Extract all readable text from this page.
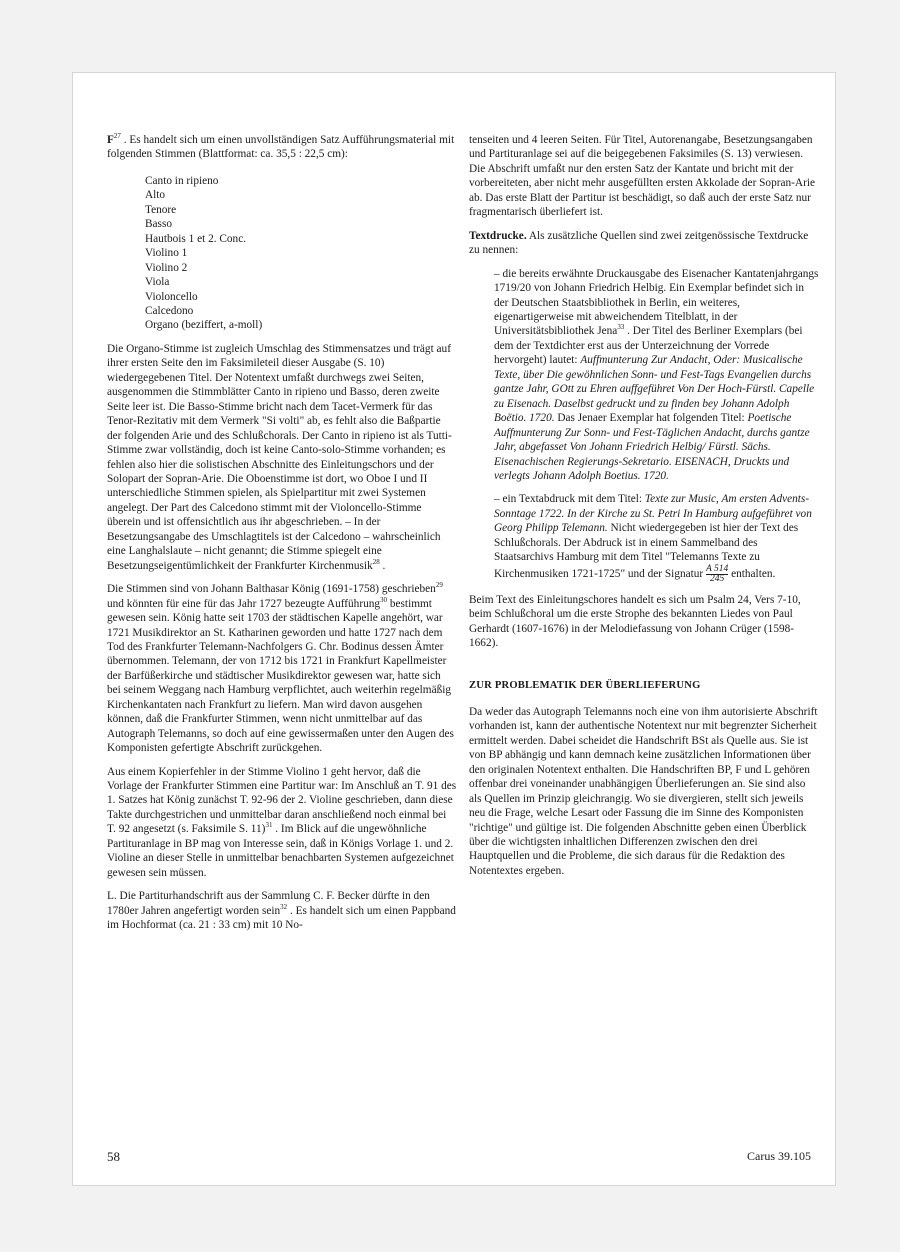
$F^{27}$ . Es handelt sich um einen unvollständigen Satz Aufführungsmaterial mit folgenden Stimmen (Blattformat: ca. 35,5 : 22,5 cm):

Canto in ripieno
Alto
Tenore
Basso
Hautbois 1 et 2. Conc.
Violino 1
Violino 2
Viola
Violoncello
Calcedono
Organo (beziffert, a-moll)

Die Organo-Stimme ist zugleich Umschlag des Stimmensatzes und trägt auf ihrer ersten Seite den im Faksimileteil dieser Ausgabe (S. 10) wiedergegebenen Titel. Der Notentext umfaßt durchwegs zwei Seiten, ausgenommen die Stimmblätter Canto in ripieno und Basso, deren zweite Seite leer ist. Die Basso-Stimme bricht nach dem Tacet-Vermerk für das Tenor-Rezitativ mit dem Vermerk "Si volti" ab, es fehlt also die Baßpartie der folgenden Arie und des Schlußchorals. Der Canto in ripieno ist als Tutti-Stimme zwar vollständig, doch ist keine Canto-solo-Stimme vorhanden; es fehlen also hier die solistischen Abschnitte des Einleitungschors und der Solopart der Sopran-Arie. Die Oboenstimme ist dort, wo Oboe I und II unterschiedliche Stimmen spielen, als Spielpartitur mit zwei Systemen angelegt. Der Part des Calcedono stimmt mit der Violoncello-Stimme überein und ist offensichtlich aus ihr abgeschrieben. – In der Besetzungsangabe des Umschlagtitels ist der Calcedono – wahrscheinlich eine Langhalslaute – nicht genannt; die Stimme spiegelt eine Besetzungseigentümlichkeit der Frankfurter Kirchenmusik$^{28}$ .

Die Stimmen sind von Johann Balthasar König (1691-1758) geschrieben$^{29}$ und könnten für eine für das Jahr 1727 bezeugte Aufführung$^{30}$ bestimmt gewesen sein. König hatte seit 1703 der städtischen Kapelle angehört, war 1721 Musikdirektor an St. Katharinen geworden und hatte 1727 nach dem Tod des Frankfurter Telemann-Nachfolgers G. Chr. Bodinus dessen Ämter übernommen. Telemann, der von 1712 bis 1721 in Frankfurt Kapellmeister der Barfüßerkirche und städtischer Musikdirektor gewesen war, hatte sich bei seinem Weggang nach Hamburg verpflichtet, auch weiterhin regelmäßig Kirchenkantaten nach Frankfurt zu liefern. Man wird davon ausgehen können, daß die Frankfurter Stimmen, wenn nicht unmittelbar auf das Autograph Telemanns, so doch auf eine gewissermaßen unter den Augen des Komponisten gefertigte Abschrift zurückgehen.

Aus einem Kopierfehler in der Stimme Violino 1 geht hervor, daß die Vorlage der Frankfurter Stimmen eine Partitur war: Im Anschluß an T. 91 des 1. Satzes hat König zunächst T. 92-96 der 2. Violine geschrieben, dann diese Takte durchgestrichen und unmittelbar daran anschließend noch einmal bei T. 92 angesetzt (s. Faksimile S. 11)$^{31}$ . Im Blick auf die ungewöhnliche Partituranlage in BP mag von Interesse sein, daß in Königs Vorlage 1. und 2. Violine an dieser Stelle in unmittelbar benachbarten Systemen aufgezeichnet gewesen sein müssen.

L. Die Partiturhandschrift aus der Sammlung C. F. Becker dürfte in den 1780er Jahren angefertigt worden sein$^{32}$ . Es handelt sich um einen Pappband im Hochformat (ca. 21 : 33 cm) mit 10 No-

tenseiten und 4 leeren Seiten. Für Titel, Autorenangabe, Besetzungsangaben und Partituranlage sei auf die beigegebenen Faksimiles (S. 13) verwiesen. Die Abschrift umfaßt nur den ersten Satz der Kantate und bricht mit der vorbereiteten, aber nicht mehr ausgefüllten ersten Akkolade der Sopran-Arie ab. Das erste Blatt der Partitur ist beschädigt, so daß auch der erste Satz nur fragmentarisch überliefert ist.

Textdrucke. Als zusätzliche Quellen sind zwei zeitgenössische Textdrucke zu nennen:

– die bereits erwähnte Druckausgabe des Eisenacher Kantatenjahrgangs 1719/20 von Johann Friedrich Helbig. Ein Exemplar befindet sich in der Deutschen Staatsbibliothek in Berlin, ein weiteres, eigenartigerweise mit abweichendem Titelblatt, in der Universitätsbibliothek Jena$^{33}$ . Der Titel des Berliner Exemplars (bei dem der Textdichter erst aus der Unterzeichnung der Vorrede hervorgeht) lautet: Auffmunterung Zur Andacht, Oder: Musicalische Texte, über Die gewöhnlichen Sonn- und Fest-Tags Evangelien durchs gantze Jahr, GOtt zu Ehren auffgeführet Von Der Hoch-Fürstl. Capelle zu Eisenach. Daselbst gedruckt und zu finden bey Johann Adolph Boëtio. 1720. Das Jenaer Exemplar hat folgenden Titel: Poetische Auffmunterung Zur Sonn- und Fest-Täglichen Andacht, durchs gantze Jahr, abgefasset Von Johann Friedrich Helbig/ Fürstl. Sächs. Eisenachischen Regierungs-Sekretario. EISENACH, Druckts und verlegts Johann Adolph Boetius. 1720.

– ein Textabdruck mit dem Titel: Texte zur Music, Am ersten Advents-Sonntage 1722. In der Kirche zu St. Petri In Hamburg aufgeführet von Georg Philipp Telemann. Nicht wiedergegeben ist hier der Text des Schlußchorals. Der Abdruck ist in einem Sammelband des Staatsarchivs Hamburg mit dem Titel "Telemanns Texte zu Kirchenmusiken 1721-1725" und der Signatur $\frac{A 514}{245}$ enthalten.

Beim Text des Einleitungschores handelt es sich um Psalm 24, Vers 7-10, beim Schlußchoral um die erste Strophe des bekannten Liedes von Paul Gerhardt (1607-1676) in der Melodiefassung von Johann Crüger (1598-1662).

ZUR PROBLEMATIK DER ÜBERLIEFERUNG

Da weder das Autograph Telemanns noch eine von ihm autorisierte Abschrift vorhanden ist, kann der authentische Notentext nur mit begrenzter Sicherheit ermittelt werden. Dabei scheidet die Handschrift BSt als Quelle aus. Sie ist von BP abhängig und kann demnach keine zusätzlichen Informationen über den originalen Notentext enthalten. Die Handschriften BP, F und L gehören offenbar drei voneinander unabhängigen Überlieferungen an. Sie sind also als Quellen im Prinzip gleichrangig. Wo sie divergieren, stellt sich jeweils neu die Frage, welche Lesart oder Fassung die im Sinne des Komponisten "richtige" und gültige ist. Die folgenden Abschnitte geben einen Überblick über die wichtigsten inhaltlichen Differenzen zwischen den drei Hauptquellen und die Probleme, die sich daraus für die Redaktion des Notentextes ergeben.

58	Carus 39.105
